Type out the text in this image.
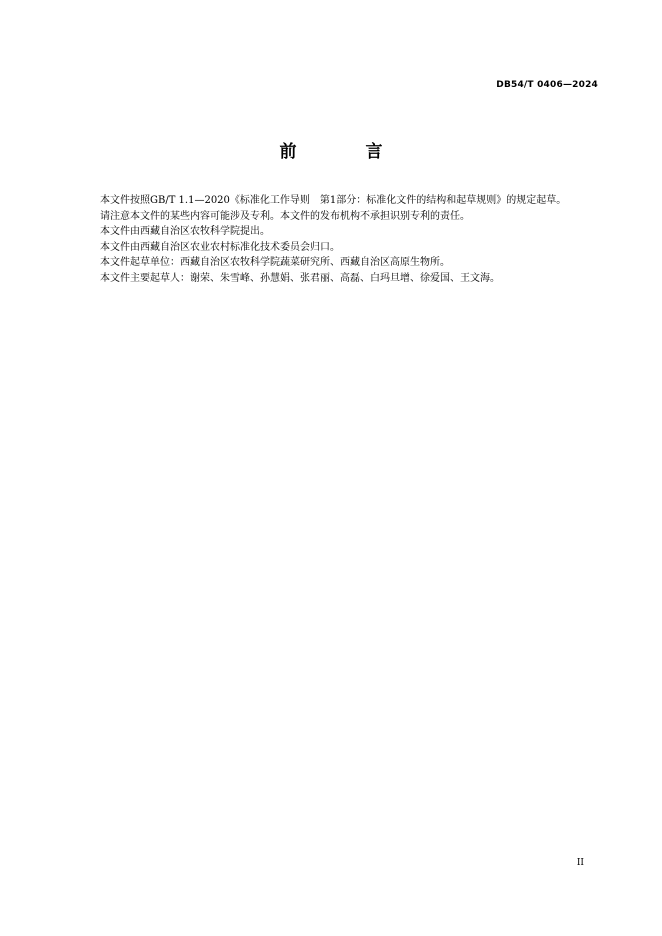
DB54/T 0406—2024
前　言

本文件按照GB/T 1.1—2020《标准化工作导则　第1部分：标准化文件的结构和起草规则》的规定起草。

请注意本文件的某些内容可能涉及专利。本文件的发布机构不承担识别专利的责任。

本文件由西藏自治区农牧科学院提出。

本文件由西藏自治区农业农村标准化技术委员会归口。

本文件起草单位：西藏自治区农牧科学院蔬菜研究所、西藏自治区高原生物所。

本文件主要起草人：谢荣、朱雪峰、孙慧娟、张君丽、高磊、白玛旦增、徐爱国、王文海。

II
